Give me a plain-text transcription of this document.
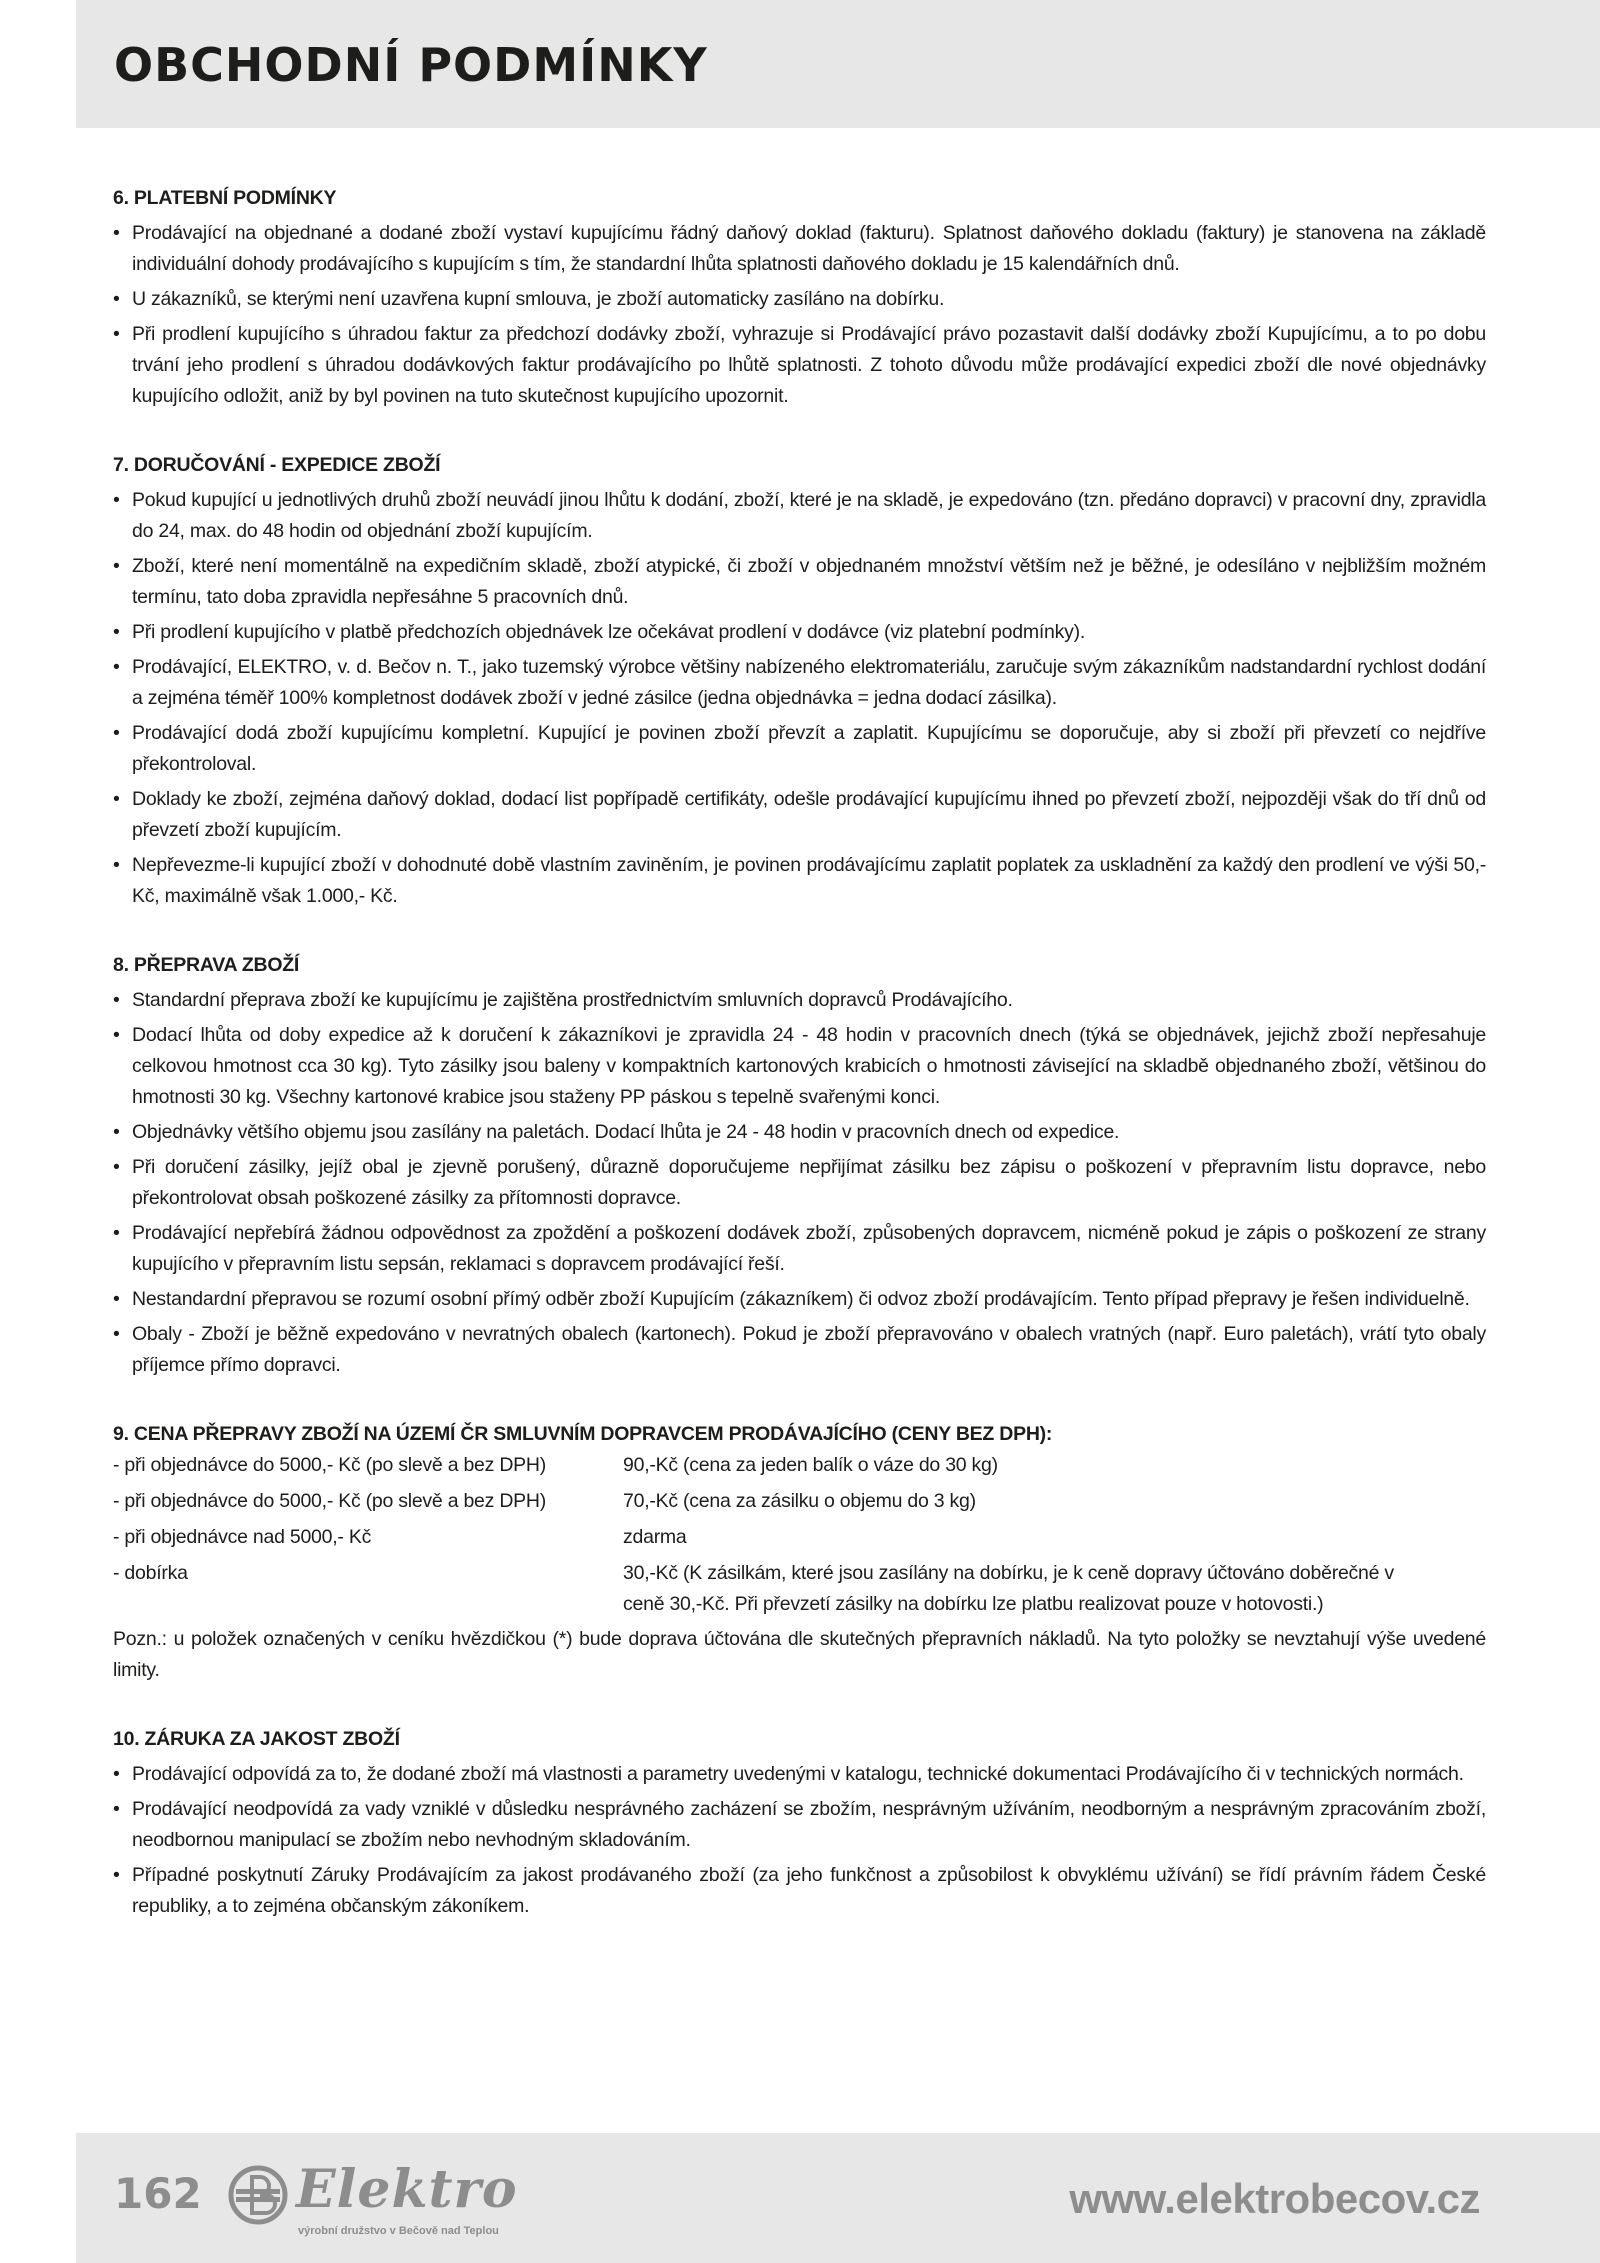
OBCHODNÍ PODMÍNKY
6. PLATEBNÍ PODMÍNKY
• Prodávající na objednané a dodané zboží vystaví kupujícímu řádný daňový doklad (fakturu). Splatnost daňového dokladu (faktury) je stanovena na základě individuální dohody prodávajícího s kupujícím s tím, že standardní lhůta splatnosti daňového dokladu je 15 kalendářních dnů.
• U zákazníků, se kterými není uzavřena kupní smlouva, je zboží automaticky zasíláno na dobírku.
• Při prodlení kupujícího s úhradou faktur za předchozí dodávky zboží, vyhrazuje si Prodávající právo pozastavit další dodávky zboží Kupujícímu, a to po dobu trvání jeho prodlení s úhradou dodávkových faktur prodávajícího po lhůtě splatnosti. Z tohoto důvodu může prodávající expedici zboží dle nové objednávky kupujícího odložit, aniž by byl povinen na tuto skutečnost kupujícího upozornit.
7. DORUČOVÁNÍ - EXPEDICE ZBOŽÍ
• Pokud kupující u jednotlivých druhů zboží neuvádí jinou lhůtu k dodání, zboží, které je na skladě, je expedováno (tzn. předáno dopravci) v pracovní dny, zpravidla do 24, max. do 48 hodin od objednání zboží kupujícím.
• Zboží, které není momentálně na expedičním skladě, zboží atypické, či zboží v objednaném množství větším než je běžné, je odesíláno v nejbližším možném termínu, tato doba zpravidla nepřesáhne 5 pracovních dnů.
• Při prodlení kupujícího v platbě předchozích objednávek lze očekávat prodlení v dodávce (viz platební podmínky).
• Prodávající, ELEKTRO, v. d. Bečov n. T., jako tuzemský výrobce většiny nabízeného elektromateriálu, zaručuje svým zákazníkům nadstandardní rychlost dodání a zejména téměř 100% kompletnost dodávek zboží v jedné zásilce (jedna objednávka = jedna dodací zásilka).
• Prodávající dodá zboží kupujícímu kompletní. Kupující je povinen zboží převzít a zaplatit. Kupujícímu se doporučuje, aby si zboží při převzetí co nejdříve překontroloval.
• Doklady ke zboží, zejména daňový doklad, dodací list popřípadě certifikáty, odešle prodávající kupujícímu ihned po převzetí zboží, nejpozději však do tří dnů od převzetí zboží kupujícím.
• Nepřevezme-li kupující zboží v dohodnuté době vlastním zaviněním, je povinen prodávajícímu zaplatit poplatek za uskladnění za každý den prodlení ve výši 50,- Kč, maximálně však 1.000,- Kč.
8. PŘEPRAVA ZBOŽÍ
• Standardní přeprava zboží ke kupujícímu je zajištěna prostřednictvím smluvních dopravců Prodávajícího.
• Dodací lhůta od doby expedice až k doručení k zákazníkovi je zpravidla 24 - 48 hodin v pracovních dnech (týká se objednávek, jejichž zboží nepřesahuje celkovou hmotnost cca 30 kg). Tyto zásilky jsou baleny v kompaktních kartonových krabicích o hmotnosti závisející na skladbě objednaného zboží, většinou do hmotnosti 30 kg. Všechny kartonové krabice jsou staženy PP páskou s tepelně svařenými konci.
• Objednávky většího objemu jsou zasílány na paletách. Dodací lhůta je 24 - 48 hodin v pracovních dnech od expedice.
• Při doručení zásilky, jejíž obal je zjevně porušený, důrazně doporučujeme nepřijímat zásilku bez zápisu o poškození v přepravním listu dopravce, nebo překontrolovat obsah poškozené zásilky za přítomnosti dopravce.
• Prodávající nepřebírá žádnou odpovědnost za zpoždění a poškození dodávek zboží, způsobených dopravcem, nicméně pokud je zápis o poškození ze strany kupujícího v přepravním listu sepsán, reklamaci s dopravcem prodávající řeší.
• Nestandardní přepravou se rozumí osobní přímý odběr zboží Kupujícím (zákazníkem) či odvoz zboží prodávajícím. Tento případ přepravy je řešen individuelně.
• Obaly - Zboží je běžně expedováno v nevratných obalech (kartonech). Pokud je zboží přepravováno v obalech vratných (např. Euro paletách), vrátí tyto obaly příjemce přímo dopravci.
9. CENA PŘEPRAVY ZBOŽÍ NA ÚZEMÍ ČR SMLUVNÍM DOPRAVCEM PRODÁVAJÍCÍHO (CENY BEZ DPH):
- při objednávce do 5000,- Kč (po slevě a bez DPH)	90,-Kč (cena za jeden balík o váze do 30 kg)
- při objednávce do 5000,- Kč (po slevě a bez DPH)	70,-Kč (cena za zásilku o objemu do 3 kg)
- při objednávce nad 5000,- Kč	zdarma
- dobírka	30,-Kč (K zásilkám, které jsou zasílány na dobírku, je k ceně dopravy účtováno doběrečné v ceně 30,-Kč. Při převzetí zásilky na dobírku lze platbu realizovat pouze v hotovosti.)
Pozn.: u položek označených v ceníku hvězdičkou (*) bude doprava účtována dle skutečných přepravních nákladů. Na tyto položky se nevztahují výše uvedené limity.
10. ZÁRUKA ZA JAKOST ZBOŽÍ
• Prodávající odpovídá za to, že dodané zboží má vlastnosti a parametry uvedenými v katalogu, technické dokumentaci Prodávajícího či v technických normách.
• Prodávající neodpovídá za vady vzniklé v důsledku nesprávného zacházení se zbožím, nesprávným užíváním, neodborným a nesprávným zpracováním zboží, neodbornou manipulací se zbožím nebo nevhodným skladováním.
• Případné poskytnutí Záruky Prodávajícím za jakost prodávaného zboží (za jeho funkčnost a způsobilost k obvyklému užívání) se řídí právním řádem České republiky, a to zejména občanským zákoníkem.
162 Elektro
výrobní družstvo v Bečově nad Teplou
www.elektrobecov.cz
